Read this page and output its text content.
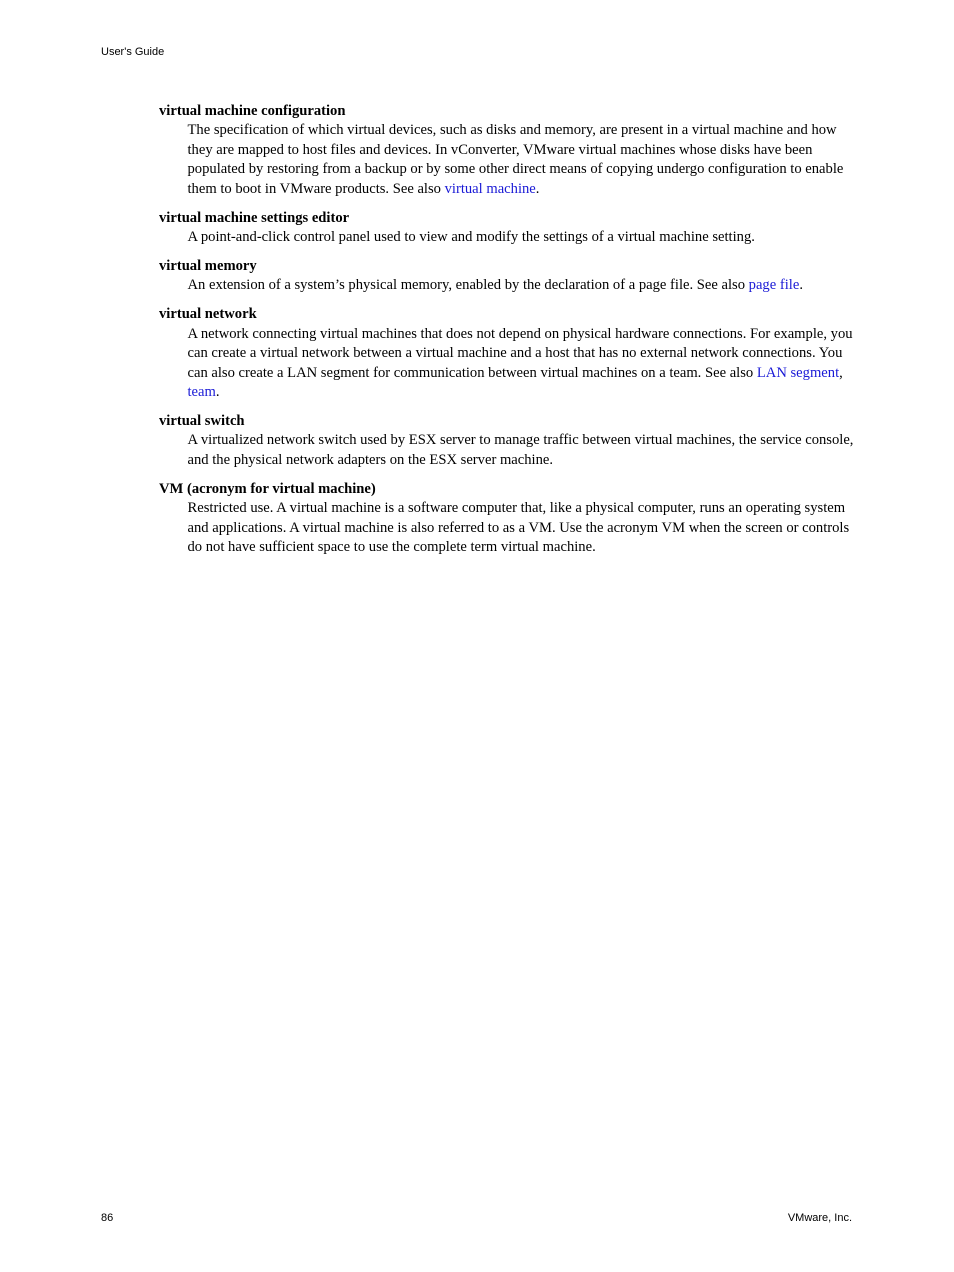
User's Guide

virtual machine configuration

The specification of which virtual devices, such as disks and memory, are present in a virtual machine and how they are mapped to host files and devices. In vConverter, VMware virtual machines whose disks have been populated by restoring from a backup or by some other direct means of copying undergo configuration to enable them to boot in VMware products. See also virtual machine.

virtual machine settings editor

A point-and-click control panel used to view and modify the settings of a virtual machine setting.

virtual memory

An extension of a system’s physical memory, enabled by the declaration of a page file. See also page file.

virtual network

A network connecting virtual machines that does not depend on physical hardware connections. For example, you can create a virtual network between a virtual machine and a host that has no external network connections. You can also create a LAN segment for communication between virtual machines on a team. See also LAN segment, team.

virtual switch

A virtualized network switch used by ESX server to manage traffic between virtual machines, the service console, and the physical network adapters on the ESX server machine.

VM (acronym for virtual machine)

Restricted use. A virtual machine is a software computer that, like a physical computer, runs an operating system and applications. A virtual machine is also referred to as a VM. Use the acronym VM when the screen or controls do not have sufficient space to use the complete term virtual machine.

86	VMware, Inc.
